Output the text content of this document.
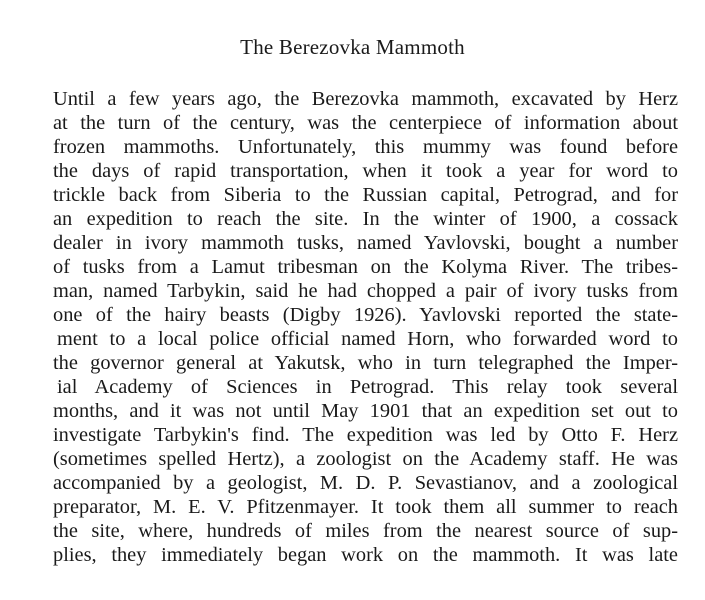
The Berezovka Mammoth
Until a few years ago, the Berezovka mammoth, excavated by Herz
at the turn of the century, was the centerpiece of information about
frozen mammoths. Unfortunately, this mummy was found before
the days of rapid transportation, when it took a year for word to
trickle back from Siberia to the Russian capital, Petrograd, and for
an expedition to reach the site. In the winter of 1900, a cossack
dealer in ivory mammoth tusks, named Yavlovski, bought a number
of tusks from a Lamut tribesman on the Kolyma River. The tribes-
man, named Tarbykin, said he had chopped a pair of ivory tusks from
one of the hairy beasts (Digby 1926). Yavlovski reported the state-
ment to a local police official named Horn, who forwarded word to
the governor general at Yakutsk, who in turn telegraphed the Imper-
ial Academy of Sciences in Petrograd. This relay took several
months, and it was not until May 1901 that an expedition set out to
investigate Tarbykin's find. The expedition was led by Otto F. Herz
(sometimes spelled Hertz), a zoologist on the Academy staff. He was
accompanied by a geologist, M. D. P. Sevastianov, and a zoological
preparator, M. E. V. Pfitzenmayer. It took them all summer to reach
the site, where, hundreds of miles from the nearest source of sup-
plies, they immediately began work on the mammoth. It was late
